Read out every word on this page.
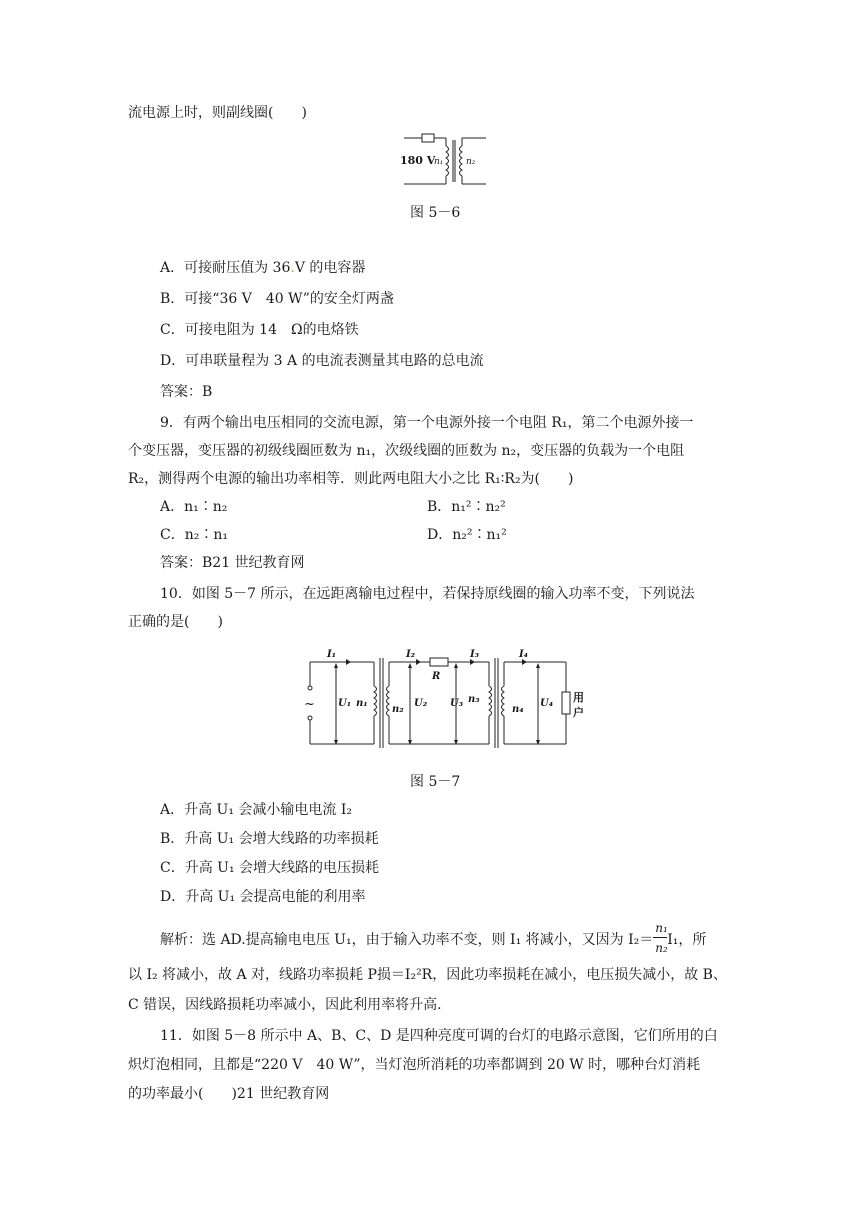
流电源上时，则副线圈(　　)
180 V
n₁	n₂
图 5－6
A．可接耐压值为 36.V 的电容器
B．可接“36 V　40 W”的安全灯两盏
C．可接电阻为 14　Ω的电烙铁
D．可串联量程为 3 A 的电流表测量其电路的总电流
答案：B
9．有两个输出电压相同的交流电源，第一个电源外接一个电阻 R₁，第二个电源外接一
个变压器，变压器的初级线圈匝数为 n₁，次级线圈的匝数为 n₂，变压器的负载为一个电阻
R₂，测得两个电源的输出功率相等．则此两电阻大小之比 R₁∶R₂为(　　)
A．n₁∶n₂	B．n₁²∶n₂²
C．n₂∶n₁	D．n₂²∶n₁²
答案：B21 世纪教育网
10．如图 5－7 所示，在远距离输电过程中，若保持原线圈的输入功率不变，下列说法
正确的是(　　)
I₁	I₂	I₃	I₄
R
~ U₁ n₁
n₂
U₂ U₃ n₃
n₄
U₄ 用
户
图 5－7
A．升高 U₁ 会减小输电电流 I₂
B．升高 U₁ 会增大线路的功率损耗
C．升高 U₁ 会增大线路的电压损耗
D．升高 U₁ 会提高电能的利用率
解析：选 AD.提高输电电压 U₁，由于输入功率不变，则 I₁ 将减小，又因为 $I_2= \frac{\text{n₁}}{\text{n₂}} I_1$，所
以 I₂ 将减小，故 A 对，线路功率损耗 P损＝I₂²R，因此功率损耗在减小，电压损失减小，故 B、
C 错误，因线路损耗功率减小，因此利用率将升高.
11．如图 5－8 所示中 A、B、C、D 是四种亮度可调的台灯的电路示意图，它们所用的白
炽灯泡相同，且都是“220 V　40 W”，当灯泡所消耗的功率都调到 20 W 时，哪种台灯消耗
的功率最小(　　)21 世纪教育网
